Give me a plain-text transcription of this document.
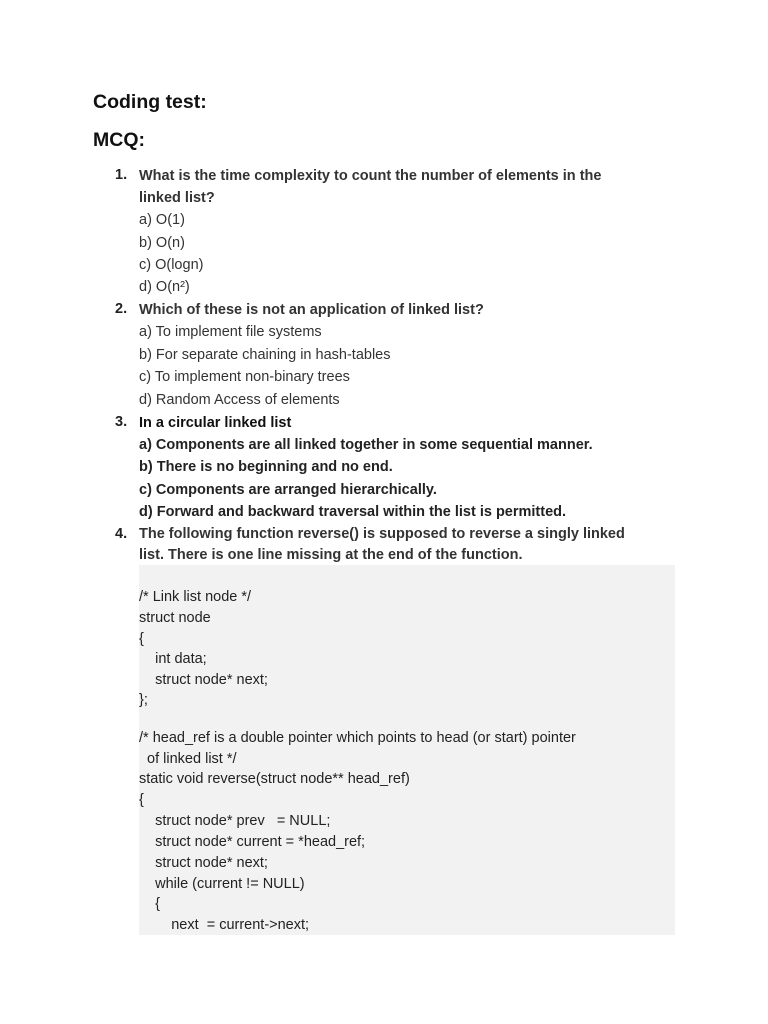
Coding test:
MCQ:
1. What is the time complexity to count the number of elements in the
linked list?
a) O(1)
b) O(n)
c) O(logn)
d) O(n²)
2. Which of these is not an application of linked list?
a) To implement file systems
b) For separate chaining in hash-tables
c) To implement non-binary trees
d) Random Access of elements
3. In a circular linked list
a) Components are all linked together in some sequential manner.
b) There is no beginning and no end.
c) Components are arranged hierarchically.
d) Forward and backward traversal within the list is permitted.
4. The following function reverse() is supposed to reverse a singly linked
list. There is one line missing at the end of the function.
/* Link list node */
struct node
{
int data;
struct node* next;
};
/* head_ref is a double pointer which points to head (or start) pointer
of linked list */
static void reverse(struct node** head_ref)
{
struct node* prev   = NULL;
struct node* current = *head_ref;
struct node* next;
while (current != NULL)
{
next  = current->next;
